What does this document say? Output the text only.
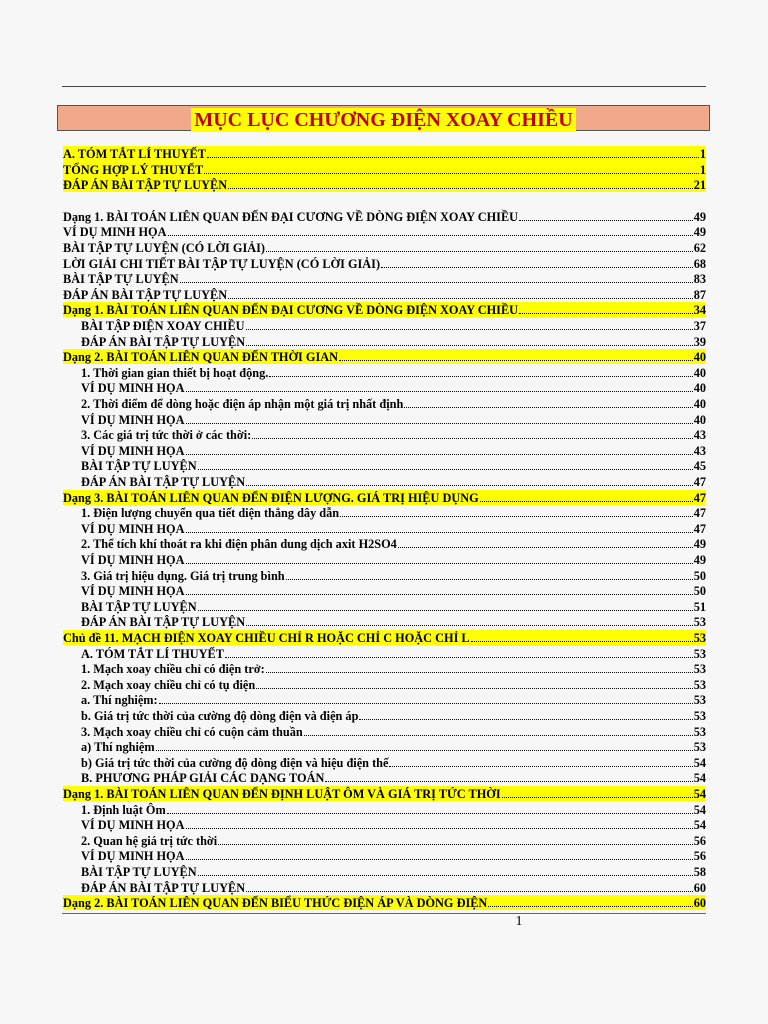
MỤC LỤC CHƯƠNG ĐIỆN XOAY CHIỀU
A. TÓM TẮT LÍ THUYẾT	1
TỔNG HỢP LÝ THUYẾT	1
ĐÁP ÁN BÀI TẬP TỰ LUYỆN	21
Dạng 1. BÀI TOÁN LIÊN QUAN ĐẾN ĐẠI CƯƠNG VỀ DÒNG ĐIỆN XOAY CHIỀU	49
VÍ DỤ MINH HỌA	49
BÀI TẬP TỰ LUYỆN (CÓ LỜI GIẢI)	62
LỜI GIẢI CHI TIẾT BÀI TẬP TỰ LUYỆN (CÓ LỜI GIẢI)	68
BÀI TẬP TỰ LUYỆN	83
ĐÁP ÁN BÀI TẬP TỰ LUYỆN	87
Dạng 1. BÀI TOÁN LIÊN QUAN ĐẾN ĐẠI CƯƠNG VỀ DÒNG ĐIỆN XOAY CHIỀU	34
BÀI TẬP ĐIỆN XOAY CHIỀU	37
ĐÁP ÁN BÀI TẬP TỰ LUYỆN	39
Dạng 2. BÀI TOÁN LIÊN QUAN ĐẾN THỜI GIAN	40
1. Thời gian gian thiết bị hoạt động.	40
VÍ DỤ MINH HỌA	40
2. Thời điểm để dòng hoặc điện áp nhận một giá trị nhất định	40
VÍ DỤ MINH HỌA	40
3. Các giá trị tức thời ở các thời:	43
VÍ DỤ MINH HỌA	43
BÀI TẬP TỰ LUYỆN	45
ĐÁP ÁN BÀI TẬP TỰ LUYỆN	47
Dạng 3. BÀI TOÁN LIÊN QUAN ĐẾN ĐIỆN LƯỢNG. GIÁ TRỊ HIỆU DỤNG	47
1. Điện lượng chuyển qua tiết diện thẳng dây dẫn	47
VÍ DỤ MINH HỌA	47
2. Thể tích khí thoát ra khi điện phân dung dịch axit H2SO4	49
VÍ DỤ MINH HỌA	49
3. Giá trị hiệu dụng. Giá trị trung bình	50
VÍ DỤ MINH HỌA	50
BÀI TẬP TỰ LUYỆN	51
ĐÁP ÁN BÀI TẬP TỰ LUYỆN	53
Chủ đề 11. MẠCH ĐIỆN XOAY CHIỀU CHỈ R HOẶC CHỈ C HOẶC CHỈ L	53
A. TÓM TẮT LÍ THUYẾT	53
1. Mạch xoay chiều chỉ có điện trở:	53
2. Mạch xoay chiều chỉ có tụ điện	53
a. Thí nghiệm:	53
b. Giá trị tức thời của cường độ dòng điện và điện áp	53
3. Mạch xoay chiều chỉ có cuộn cảm thuần	53
a) Thí nghiệm	53
b) Giá trị tức thời của cường độ dòng điện và hiệu điện thế	54
B. PHƯƠNG PHÁP GIẢI CÁC DẠNG TOÁN	54
Dạng 1. BÀI TOÁN LIÊN QUAN ĐẾN ĐỊNH LUẬT ÔM VÀ GIÁ TRỊ TỨC THỜI	54
1. Định luật Ôm	54
VÍ DỤ MINH HỌA	54
2. Quan hệ giá trị tức thời	56
VÍ DỤ MINH HỌA	56
BÀI TẬP TỰ LUYỆN	58
ĐÁP ÁN BÀI TẬP TỰ LUYỆN	60
Dạng 2. BÀI TOÁN LIÊN QUAN ĐẾN BIỂU THỨC ĐIỆN ÁP VÀ DÒNG ĐIỆN	60
1
